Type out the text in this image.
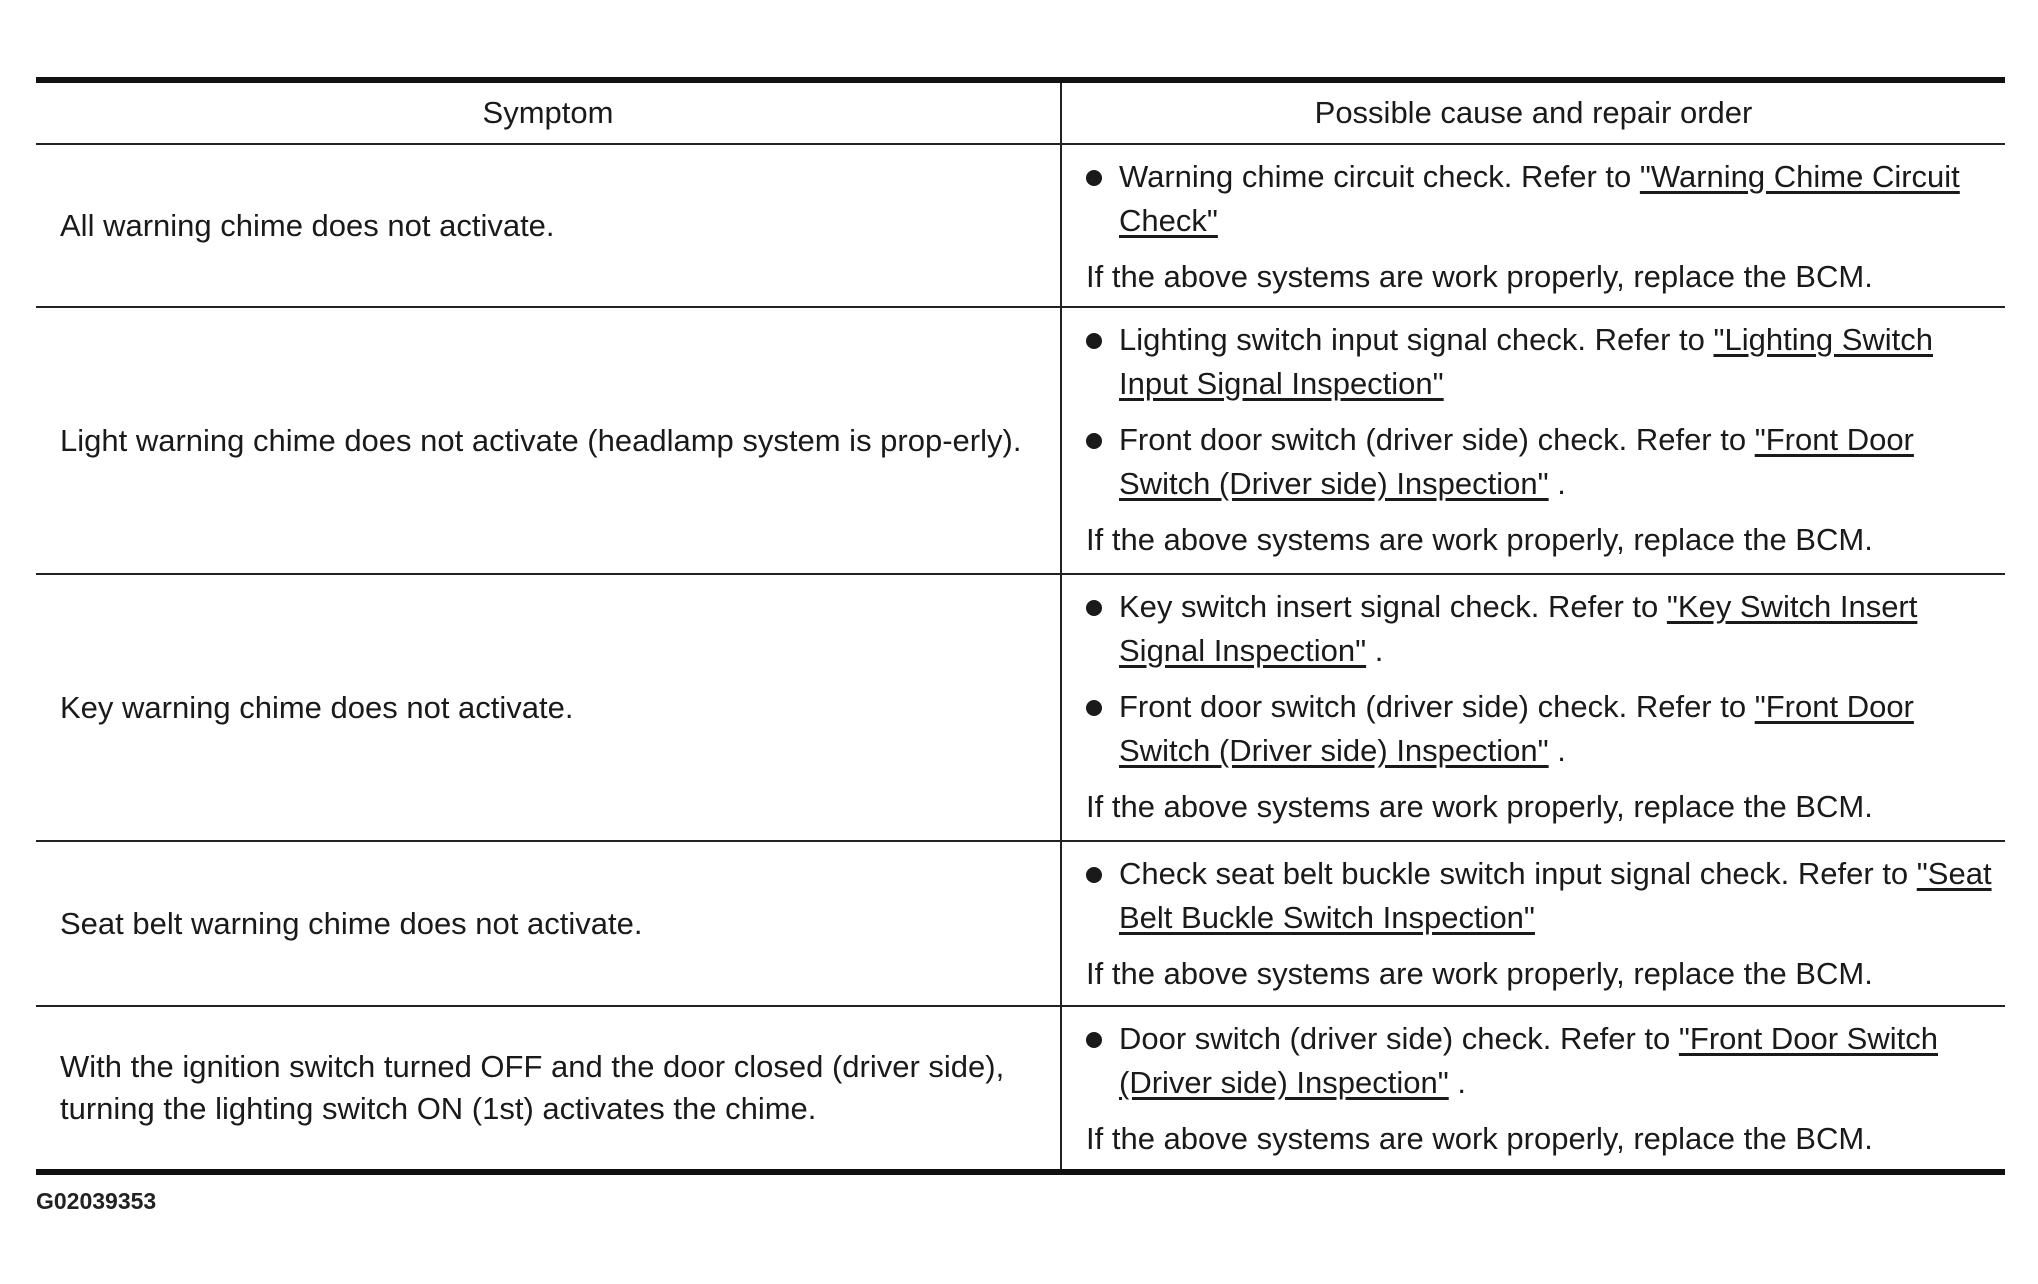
Symptom	Possible cause and repair order
All warning chime does not activate.
Warning chime circuit check. Refer to "Warning Chime Circuit Check"
If the above systems are work properly, replace the BCM.
Light warning chime does not activate (headlamp system is prop-erly).
Lighting switch input signal check. Refer to "Lighting Switch Input Signal Inspection"
Front door switch (driver side) check. Refer to "Front Door Switch (Driver side) Inspection" .
If the above systems are work properly, replace the BCM.
Key warning chime does not activate.
Key switch insert signal check. Refer to "Key Switch Insert Signal Inspection" .
Front door switch (driver side) check. Refer to "Front Door Switch (Driver side) Inspection" .
If the above systems are work properly, replace the BCM.
Seat belt warning chime does not activate.
Check seat belt buckle switch input signal check. Refer to "Seat Belt Buckle Switch Inspection"
If the above systems are work properly, replace the BCM.
With the ignition switch turned OFF and the door closed (driver side), turning the lighting switch ON (1st) activates the chime.
Door switch (driver side) check. Refer to "Front Door Switch (Driver side) Inspection" .
If the above systems are work properly, replace the BCM.
G02039353
